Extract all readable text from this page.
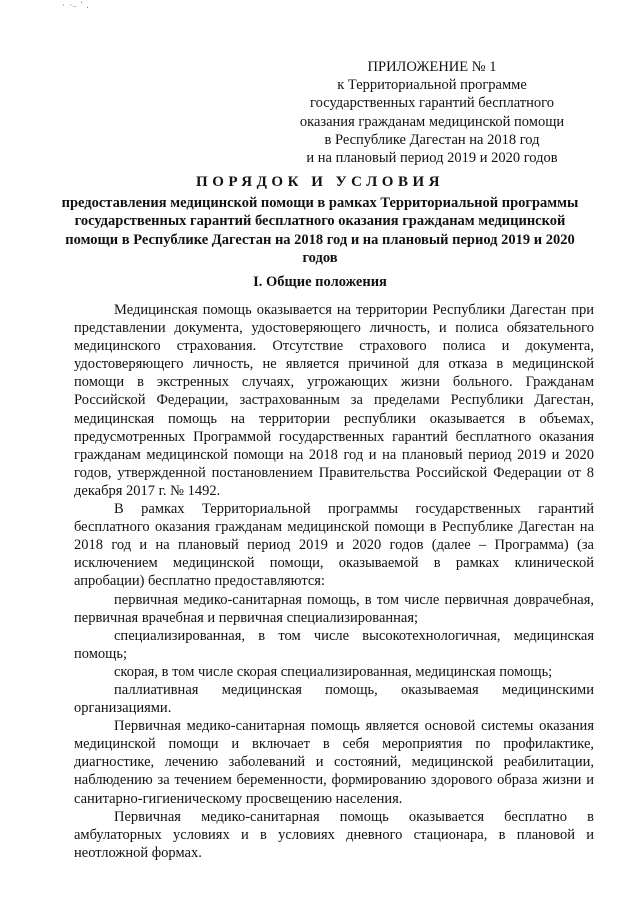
· ·˗ ' .
ПРИЛОЖЕНИЕ № 1
к Территориальной программе
государственных гарантий бесплатного
оказания гражданам медицинской помощи
в Республике Дагестан на 2018 год
и на плановый период 2019 и 2020 годов
ПОРЯДОК И УСЛОВИЯ
предоставления медицинской помощи в рамках Территориальной программы государственных гарантий бесплатного оказания гражданам медицинской помощи в Республике Дагестан на 2018 год и на плановый период 2019 и 2020 годов
I. Общие положения

Медицинская помощь оказывается на территории Республики Дагестан при представлении документа, удостоверяющего личность, и полиса обязательного медицинского страхования. Отсутствие страхового полиса и документа, удостоверяющего личность, не является причиной для отказа в медицинской помощи в экстренных случаях, угрожающих жизни больного. Гражданам Российской Федерации, застрахованным за пределами Республики Дагестан, медицинская помощь на территории республики оказывается в объемах, предусмотренных Программой государственных гарантий бесплатного оказания гражданам медицинской помощи на 2018 год и на плановый период 2019 и 2020 годов, утвержденной постановлением Правительства Российской Федерации от 8 декабря 2017 г. № 1492.

В рамках Территориальной программы государственных гарантий бесплатного оказания гражданам медицинской помощи в Республике Дагестан на 2018 год и на плановый период 2019 и 2020 годов (далее – Программа) (за исключением медицинской помощи, оказываемой в рамках клинической апробации) бесплатно предоставляются:

первичная медико-санитарная помощь, в том числе первичная доврачебная, первичная врачебная и первичная специализированная;

специализированная, в том числе высокотехнологичная, медицинская помощь;

скорая, в том числе скорая специализированная, медицинская помощь;

паллиативная медицинская помощь, оказываемая медицинскими организациями.

Первичная медико-санитарная помощь является основой системы оказания медицинской помощи и включает в себя мероприятия по профилактике, диагностике, лечению заболеваний и состояний, медицинской реабилитации, наблюдению за течением беременности, формированию здорового образа жизни и санитарно-гигиеническому просвещению населения.

Первичная медико-санитарная помощь оказывается бесплатно в амбулаторных условиях и в условиях дневного стационара, в плановой и неотложной формах.
